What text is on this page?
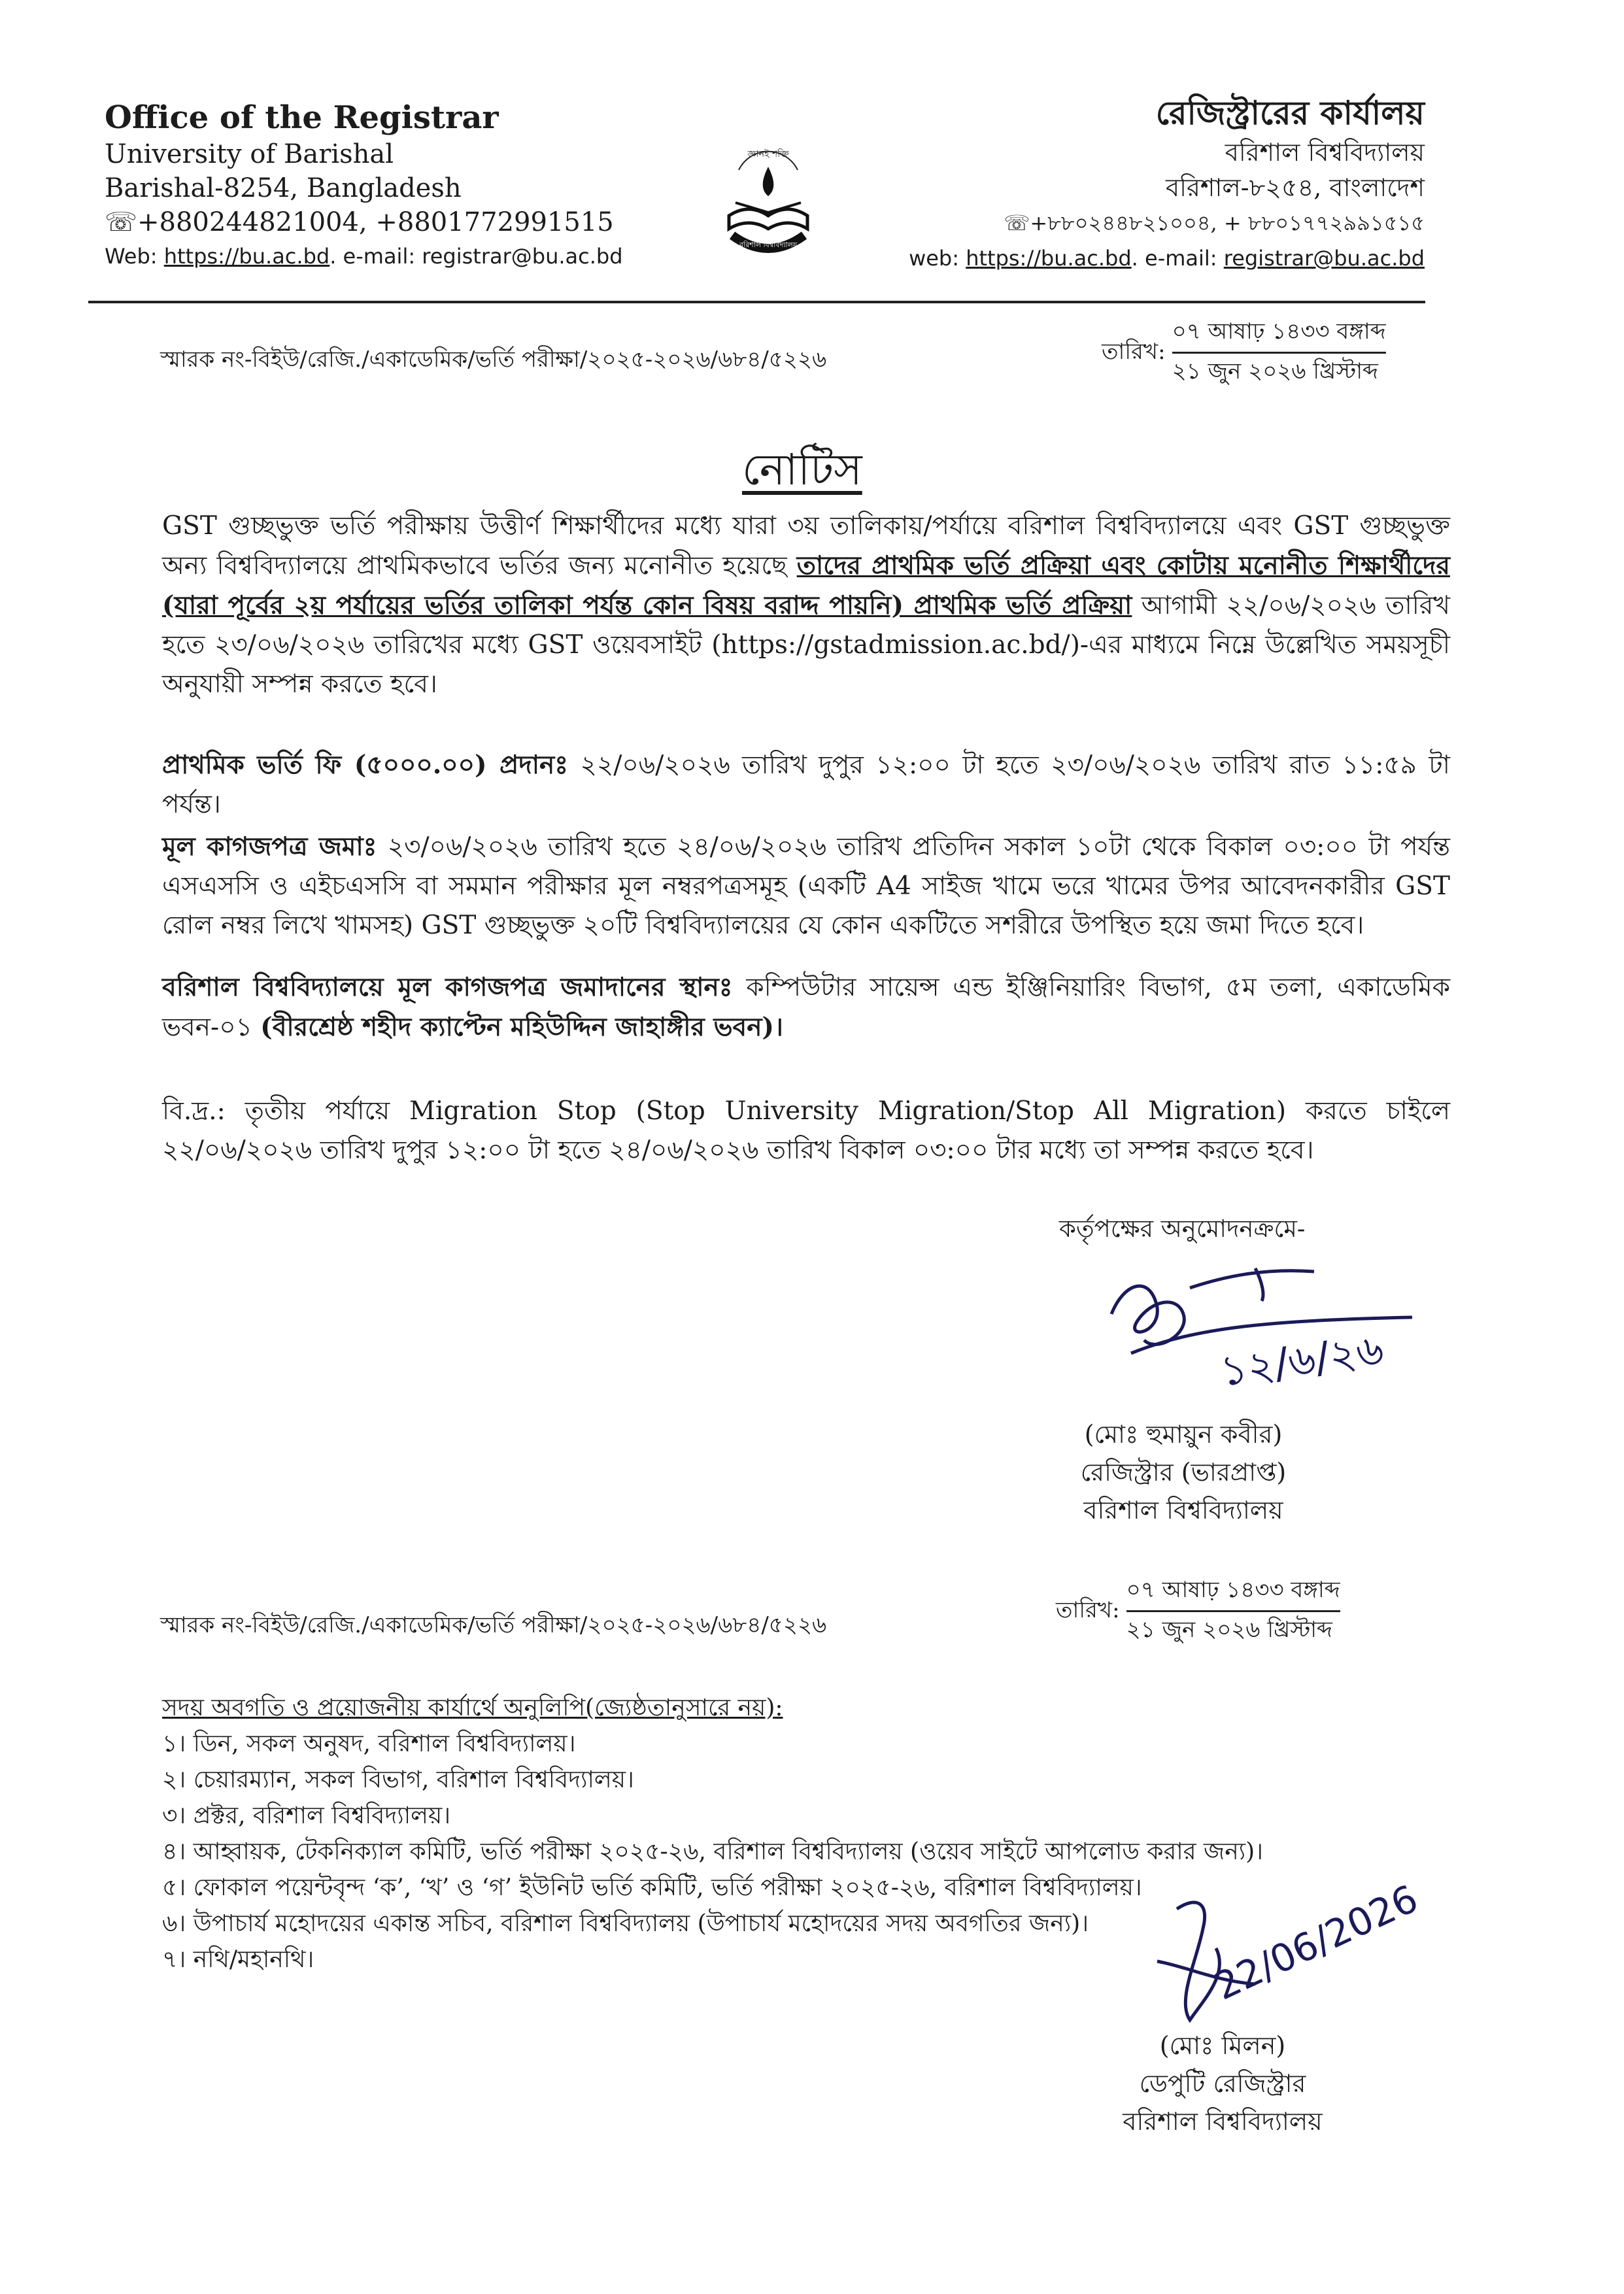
Office of the Registrar
University of Barishal
Barishal-8254, Bangladesh
☏+880244821004, +8801772991515
Web: https://bu.ac.bd. e-mail: registrar@bu.ac.bd
জ্ঞানই শক্তি
বরিশাল বিশ্ববিদ্যালয়
রেজিস্ট্রারের কার্যালয়
বরিশাল বিশ্ববিদ্যালয়
বরিশাল-৮২৫৪, বাংলাদেশ
☏+৮৮০২৪৪৮২১০০৪, + ৮৮০১৭৭২৯৯১৫১৫
web: https://bu.ac.bd. e-mail: registrar@bu.ac.bd
স্মারক নং-বিইউ/রেজি./একাডেমিক/ভর্তি পরীক্ষা/২০২৫-২০২৬/৬৮৪/৫২২৬	তারিখ:
০৭ আষাঢ় ১৪৩৩ বঙ্গাব্দ
২১ জুন ২০২৬ খ্রিস্টাব্দ
নোটিস
GST গুচ্ছভুক্ত ভর্তি পরীক্ষায় উত্তীর্ণ শিক্ষার্থীদের মধ্যে যারা ৩য় তালিকায়/পর্যায়ে বরিশাল বিশ্ববিদ্যালয়ে এবং GST গুচ্ছভুক্ত অন্য বিশ্ববিদ্যালয়ে প্রাথমিকভাবে ভর্তির জন্য মনোনীত হয়েছে তাদের প্রাথমিক ভর্তি প্রক্রিয়া এবং কোটায় মনোনীত শিক্ষার্থীদের (যারা পূর্বের ২য় পর্যায়ের ভর্তির তালিকা পর্যন্ত কোন বিষয় বরাদ্দ পায়নি) প্রাথমিক ভর্তি প্রক্রিয়া আগামী ২২/০৬/২০২৬ তারিখ হতে ২৩/০৬/২০২৬ তারিখের মধ্যে GST ওয়েবসাইট (https://gstadmission.ac.bd/)-এর মাধ্যমে নিম্নে উল্লেখিত সময়সূচী অনুযায়ী সম্পন্ন করতে হবে।
প্রাথমিক ভর্তি ফি (৫০০০.০০) প্রদানঃ ২২/০৬/২০২৬ তারিখ দুপুর ১২:০০ টা হতে ২৩/০৬/২০২৬ তারিখ রাত ১১:৫৯ টা পর্যন্ত।
মূল কাগজপত্র জমাঃ ২৩/০৬/২০২৬ তারিখ হতে ২৪/০৬/২০২৬ তারিখ প্রতিদিন সকাল ১০টা থেকে বিকাল ০৩:০০ টা পর্যন্ত এসএসসি ও এইচএসসি বা সমমান পরীক্ষার মূল নম্বরপত্রসমূহ (একটি A4 সাইজ খামে ভরে খামের উপর আবেদনকারীর GST রোল নম্বর লিখে খামসহ) GST গুচ্ছভুক্ত ২০টি বিশ্ববিদ্যালয়ের যে কোন একটিতে সশরীরে উপস্থিত হয়ে জমা দিতে হবে।
বরিশাল বিশ্ববিদ্যালয়ে মূল কাগজপত্র জমাদানের স্থানঃ কম্পিউটার সায়েন্স এন্ড ইঞ্জিনিয়ারিং বিভাগ, ৫ম তলা, একাডেমিক ভবন-০১ (বীরশ্রেষ্ঠ শহীদ ক্যাপ্টেন মহিউদ্দিন জাহাঙ্গীর ভবন)।
বি.দ্র.: তৃতীয় পর্যায়ে Migration Stop (Stop University Migration/Stop All Migration) করতে চাইলে ২২/০৬/২০২৬ তারিখ দুপুর ১২:০০ টা হতে ২৪/০৬/২০২৬ তারিখ বিকাল ০৩:০০ টার মধ্যে তা সম্পন্ন করতে হবে।
কর্তৃপক্ষের অনুমোদনক্রমে-
১২/৬/২৬
(মোঃ হুমায়ুন কবীর)
রেজিস্ট্রার (ভারপ্রাপ্ত)
বরিশাল বিশ্ববিদ্যালয়
স্মারক নং-বিইউ/রেজি./একাডেমিক/ভর্তি পরীক্ষা/২০২৫-২০২৬/৬৮৪/৫২২৬
তারিখ:
০৭ আষাঢ় ১৪৩৩ বঙ্গাব্দ
২১ জুন ২০২৬ খ্রিস্টাব্দ
সদয় অবগতি ও প্রয়োজনীয় কার্যার্থে অনুলিপি(জ্যেষ্ঠতানুসারে নয়):
১। ডিন, সকল অনুষদ, বরিশাল বিশ্ববিদ্যালয়।
২। চেয়ারম্যান, সকল বিভাগ, বরিশাল বিশ্ববিদ্যালয়।
৩। প্রক্টর, বরিশাল বিশ্ববিদ্যালয়।
৪। আহ্বায়ক, টেকনিক্যাল কমিটি, ভর্তি পরীক্ষা ২০২৫-২৬, বরিশাল বিশ্ববিদ্যালয় (ওয়েব সাইটে আপলোড করার জন্য)।
৫। ফোকাল পয়েন্টবৃন্দ ‘ক’, ‘খ’ ও ‘গ’ ইউনিট ভর্তি কমিটি, ভর্তি পরীক্ষা ২০২৫-২৬, বরিশাল বিশ্ববিদ্যালয়।
৬। উপাচার্য মহোদয়ের একান্ত সচিব, বরিশাল বিশ্ববিদ্যালয় (উপাচার্য মহোদয়ের সদয় অবগতির জন্য)।
৭। নথি/মহানথি।	22/06/2026
(মোঃ মিলন)
ডেপুটি রেজিস্ট্রার
বরিশাল বিশ্ববিদ্যালয়
